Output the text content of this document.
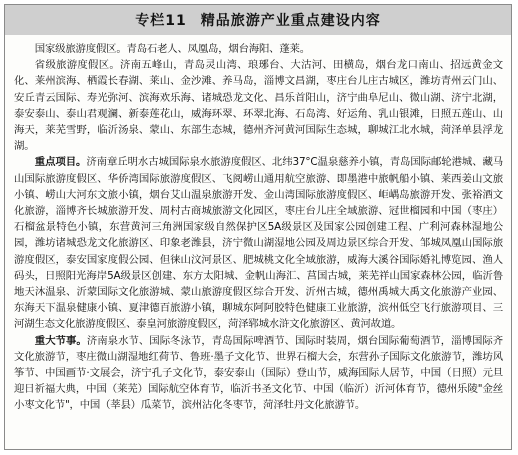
专栏11 精品旅游产业重点建设内容

国家级旅游度假区。青岛石老人、凤凰岛，烟台海阳、蓬莱。

省级旅游度假区。济南五峰山，青岛灵山湾、琅琊台、大沽河、田横岛，烟台龙口南山、招远黄金文化、莱州滨海、栖霞长春湖、莱山、金沙滩、养马岛，淄博文昌湖，枣庄台儿庄古城区，潍坊青州云门山、安丘青云国际、寿光弥河、滨海欢乐海、诸城恐龙文化、昌乐首阳山，济宁曲阜尼山、微山湖、济宁北湖，泰安泰山、泰山君观澜、新泰莲花山，威海环翠、环翠北海、石岛湾、好运角、乳山银滩，日照五莲山、山海天，莱芜雪野，临沂汤泉、蒙山、东部生态城，德州齐河黄河国际生态城，聊城江北水城，菏泽单县浮龙湖。

重点项目。济南章丘明水古城国际泉水旅游度假区、北纬37°C温泉慈养小镇，青岛国际邮轮港城、藏马山国际旅游度假区、华侨湾国际旅游度假区、飞阅崂山通用航空旅游、即墨港中旅帆船小镇、莱西姜山文旅小镇、崂山大河东文旅小镇，烟台艾山温泉旅游开发、金山湾国际旅游度假区、岠嵎岛旅游开发、张裕酒文化旅游，淄博齐长城旅游开发、周村古商城旅游文化园区，枣庄台儿庄全域旅游、冠世榴园和中国（枣庄）石榴盆景特色小镇，东营黄河三角洲国家级自然保护区5A级景区及国家公园创建工程、广利河森林湿地公园，潍坊诸城恐龙文化旅游区、印象老潍县，济宁微山湖湿地公园及周边景区综合开发、邹城凤凰山国际旅游度假区，泰安国家度假公园、但徕山汶河景区、肥城桃文化全域旅游，威海大溪谷国际婚礼博览园、渔人码头，日照阳光海岸5A级景区创建、东方太阳城、金帆山海汇、莒国古城，莱芜祥山国家森林公园，临沂鲁地天沐温泉、沂蒙国际文化旅游城、蒙山旅游度假区综合开发、沂州古城，德州禹城大禹文化旅游产业园、东海天下温泉健康小镇、夏津德百旅游小镇，聊城东阿阿胶特色健康工业旅游，滨州低空飞行旅游项目、三河湖生态文化旅游度假区、泰皇河旅游度假区，菏泽郓城水浒文化旅游区、黄河故道。

重大节事。济南泉水节、国际冬泳节，青岛国际啤酒节、国际时装周，烟台国际葡萄酒节，淄博国际齐文化旅游节，枣庄微山湖湿地红荷节、鲁班·墨子文化节、世界石榴大会，东营孙子国际文化旅游节，潍坊风筝节、中国画节·文展会，济宁孔子文化节，泰安泰山（国际）登山节，威海国际人居节，中国（日照）元旦迎日祈福大典，中国（莱芜）国际航空体育节，临沂书圣文化节、中国（临沂）沂河体育节，德州乐陵"金丝小枣文化节"，中国（莘县）瓜菜节，滨州沾化冬枣节，菏泽牡丹文化旅游节。
